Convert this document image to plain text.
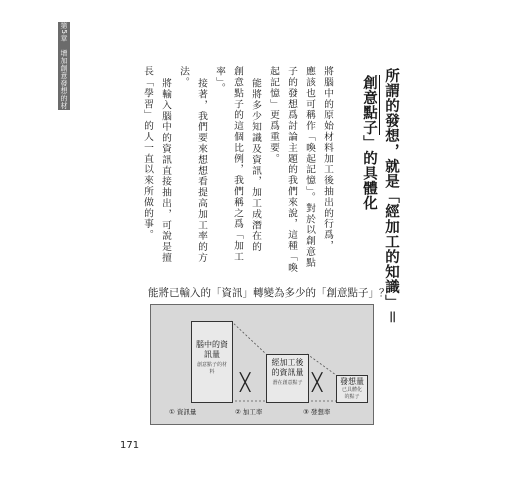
第5章　增加創意發想的材料
所謂的發想，就是「經加工的知識」＝
創意點子」的具體化
將腦中的原始材料加工後抽出的行爲，
應該也可稱作「喚起記憶」。對於以創意點
子的發想爲討論主題的我們來說，這種「喚
起記憶」更爲重要。
能將多少知識及資訊，加工成潛在的
創意點子的這個比例，我們稱之爲「加工
率」。
接著，我們要來想想看提高加工率的方
法。
將輸入腦中的資訊直接抽出，可說是擅
長「學習」的人一直以來所做的事。
能將已輸入的「資訊」轉變為多少的「創意點子」？
腦中的資訊量
創意點子的材料
╳
經加工後的資訊量
潛在創意點子 ╳	發想量
已具體化的點子
① 資訊量	② 加工率	③ 發想率
171
